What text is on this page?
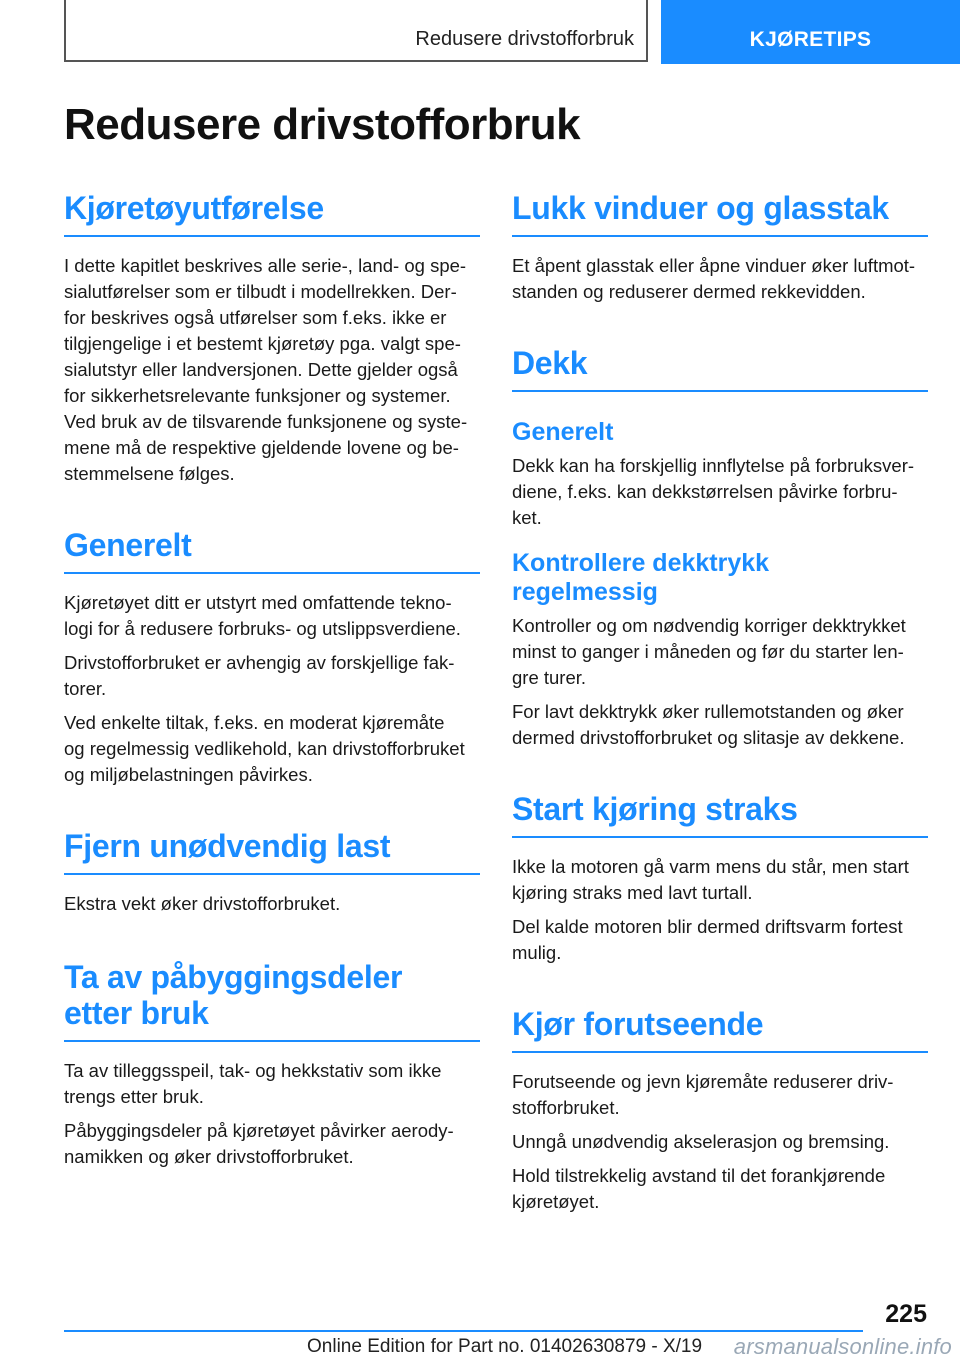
Redusere drivstofforbruk	KJØRETIPS
Redusere drivstofforbruk
Kjøretøyutførelse

I dette kapitlet beskrives alle serie-, land- og spe-
sialutførelser som er tilbudt i modellrekken. Der-
for beskrives også utførelser som f.eks. ikke er
tilgjengelige i et bestemt kjøretøy pga. valgt spe-
sialutstyr eller landversjonen. Dette gjelder også
for sikkerhetsrelevante funksjoner og systemer.
Ved bruk av de tilsvarende funksjonene og syste-
mene må de respektive gjeldende lovene og be-
stemmelsene følges.

Generelt

Kjøretøyet ditt er utstyrt med omfattende tekno-
logi for å redusere forbruks- og utslippsverdiene.

Drivstofforbruket er avhengig av forskjellige fak-
torer.

Ved enkelte tiltak, f.eks. en moderat kjøremåte
og regelmessig vedlikehold, kan drivstofforbruket
og miljøbelastningen påvirkes.

Fjern unødvendig last

Ekstra vekt øker drivstofforbruket.

Ta av påbyggingsdeler
etter bruk

Ta av tilleggsspeil, tak- og hekkstativ som ikke
trengs etter bruk.

Påbyggingsdeler på kjøretøyet påvirker aerody-
namikken og øker drivstofforbruket.

Lukk vinduer og glasstak

Et åpent glasstak eller åpne vinduer øker luftmot-
standen og reduserer dermed rekkevidden.

Dekk
Generelt

Dekk kan ha forskjellig innflytelse på forbruksver-
diene, f.eks. kan dekkstørrelsen påvirke forbru-
ket.

Kontrollere dekktrykk
regelmessig

Kontroller og om nødvendig korriger dekktrykket
minst to ganger i måneden og før du starter len-
gre turer.

For lavt dekktrykk øker rullemotstanden og øker
dermed drivstofforbruket og slitasje av dekkene.

Start kjøring straks

Ikke la motoren gå varm mens du står, men start
kjøring straks med lavt turtall.

Del kalde motoren blir dermed driftsvarm fortest
mulig.

Kjør forutseende

Forutseende og jevn kjøremåte reduserer driv-
stofforbruket.

Unngå unødvendig akselerasjon og bremsing.

Hold tilstrekkelig avstand til det forankjørende
kjøretøyet.

225
Online Edition for Part no. 01402630879 - X/19 arsmanualsonline.info
